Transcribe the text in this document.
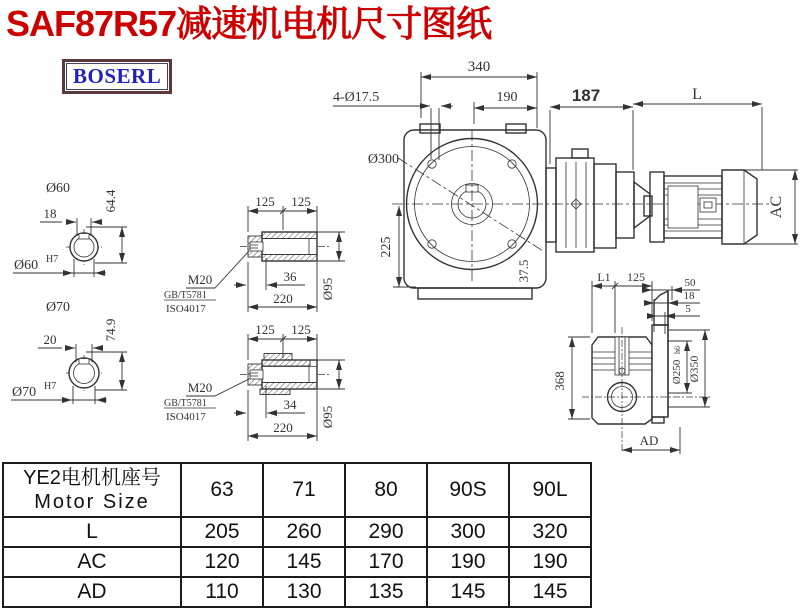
SAF87R57减速机电机尺寸图纸
BOSERL	340
190
4-Ø17.5	187	L
AC
225
37.5
Ø300
L1 125	50
18
5
368	Ø250
h6
Ø350
AD
Ø60
18
64.4
Ø60 H7
Ø70
20	74.9
Ø70 H7
125 125
36
220 Ø95
M20
GB/T5781
ISO4017
125 125
34
220 Ø95
M20
GB/T5781
ISO4017
YE2电机机座号
Motor Size	63	71	80	90S	90L
L	205	260	290	300	320
AC	120	145	170	190	190
AD	110	130	135	145	145
